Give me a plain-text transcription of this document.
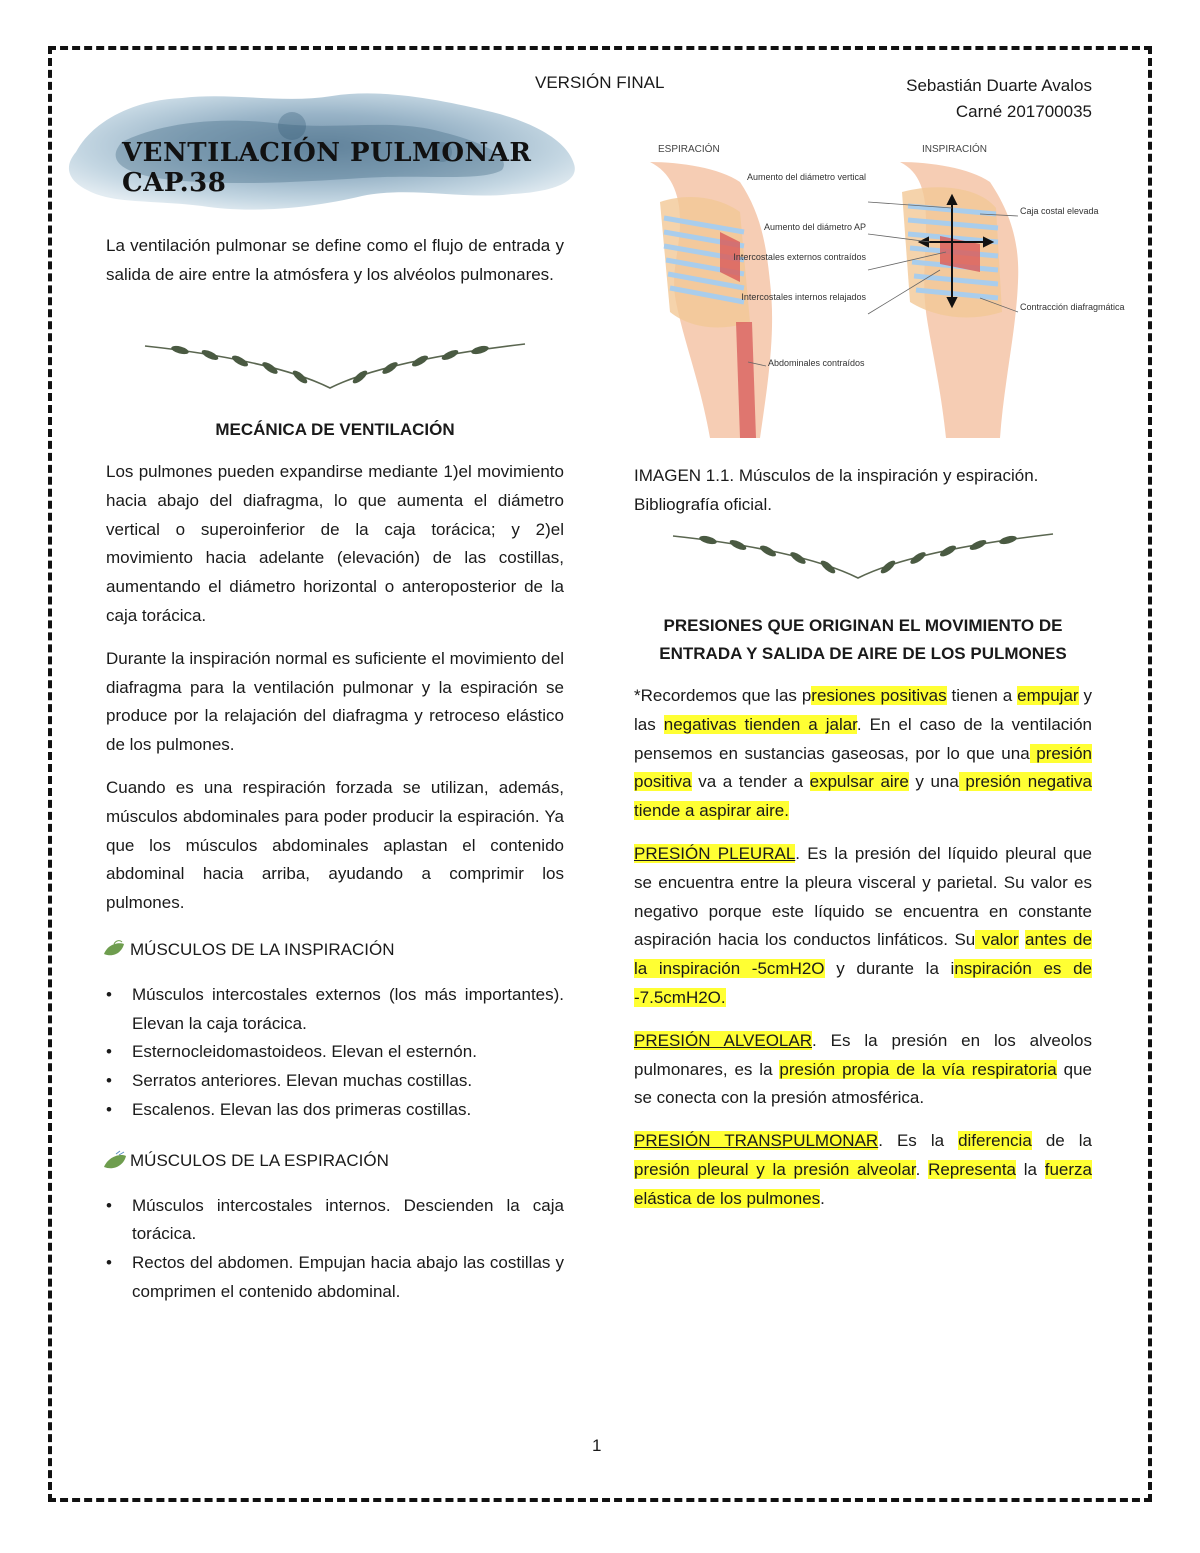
VERSIÓN FINAL	Sebastián Duarte Avalos
Carné 201700035
VENTILACIÓN PULMONAR CAP.38

La ventilación pulmonar se define como el flujo de entrada y salida de aire entre la atmósfera y los alvéolos pulmonares.

MECÁNICA DE VENTILACIÓN

Los pulmones pueden expandirse mediante 1)el movimiento hacia abajo del diafragma, lo que aumenta el diámetro vertical o superoinferior de la caja torácica; y 2)el movimiento hacia adelante (elevación) de las costillas, aumentando el diámetro horizontal o anteroposterior de la caja torácica.

Durante la inspiración normal es suficiente el movimiento del diafragma para la ventilación pulmonar y la espiración se produce por la relajación del diafragma y retroceso elástico de los pulmones.

Cuando es una respiración forzada se utilizan, además, músculos abdominales para poder producir la espiración. Ya que los músculos abdominales aplastan el contenido abdominal hacia arriba, ayudando a comprimir los pulmones.

MÚSCULOS DE LA INSPIRACIÓN
• Músculos intercostales externos (los más importantes). Elevan la caja torácica.
• Esternocleidomastoideos. Elevan el esternón.
• Serratos anteriores. Elevan muchas costillas.
• Escalenos. Elevan las dos primeras costillas.
MÚSCULOS DE LA ESPIRACIÓN
• Músculos intercostales internos. Descienden la caja torácica.
• Rectos del abdomen. Empujan hacia abajo las costillas y comprimen el contenido abdominal.
ESPIRACIÓN	INSPIRACIÓN
Aumento del diámetro vertical
Aumento del diámetro AP
Intercostales externos contraídos
Intercostales internos relajados
Caja costal elevada
Contracción diafragmática
Abdominales contraídos

IMAGEN 1.1. Músculos de la inspiración y espiración. Bibliografía oficial.

PRESIONES QUE ORIGINAN EL MOVIMIENTO DE ENTRADA Y SALIDA DE AIRE DE LOS PULMONES

*Recordemos que las presiones positivas tienen a empujar y las negativas tienden a jalar. En el caso de la ventilación pensemos en sustancias gaseosas, por lo que una presión positiva va a tender a expulsar aire y una presión negativa tiende a aspirar aire.

PRESIÓN PLEURAL. Es la presión del líquido pleural que se encuentra entre la pleura visceral y parietal. Su valor es negativo porque este líquido se encuentra en constante aspiración hacia los conductos linfáticos. Su valor antes de la inspiración -5cmH2O y durante la inspiración es de -7.5cmH2O.

PRESIÓN ALVEOLAR. Es la presión en los alveolos pulmonares, es la presión propia de la vía respiratoria que se conecta con la presión atmosférica.

PRESIÓN TRANSPULMONAR. Es la diferencia de la presión pleural y la presión alveolar. Representa la fuerza elástica de los pulmones.

1
